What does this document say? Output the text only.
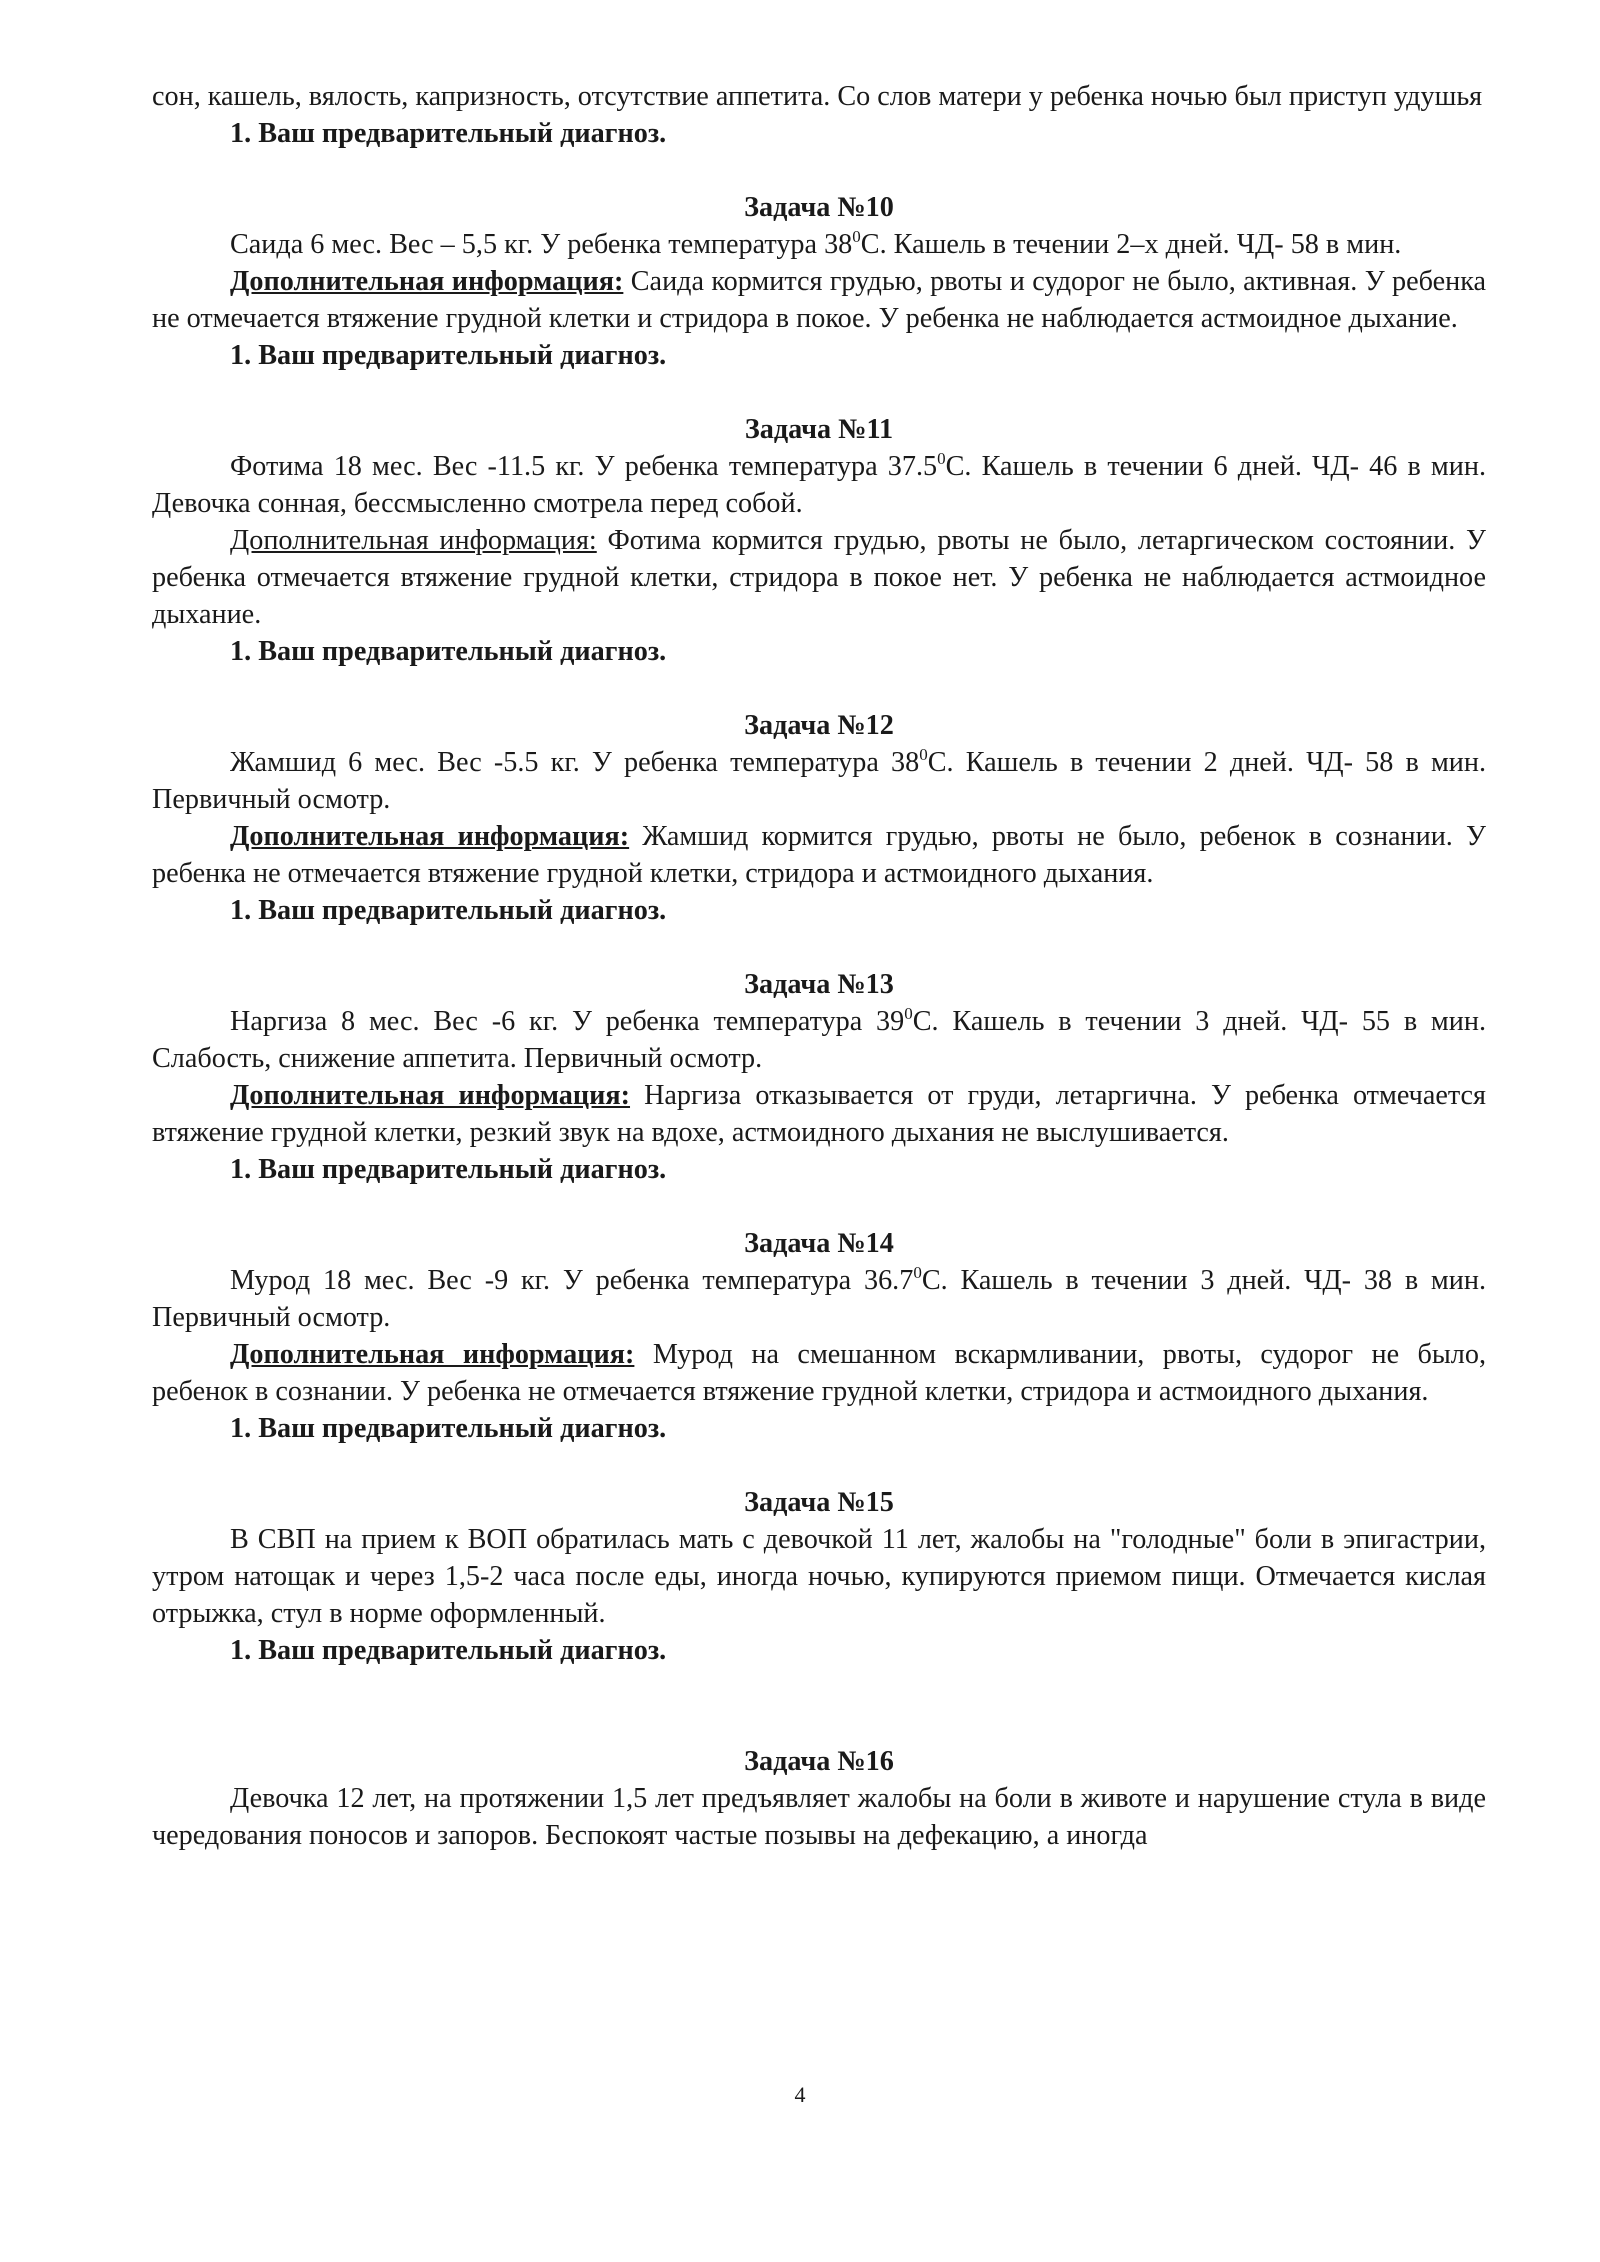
сон, кашель, вялость, капризность, отсутствие аппетита. Со слов матери у ребенка ночью был приступ удушья

1. Ваш предварительный диагноз.

Задача №10

Саида 6 мес. Вес – 5,5 кг. У ребенка температура $38^0С$. Кашель в течении 2–х дней. ЧД- 58 в мин.

Дополнительная информация: Саида кормится грудью, рвоты и судорог не было, активная. У ребенка не отмечается втяжение грудной клетки и стридора в покое. У ребенка не наблюдается астмоидное дыхание.

1. Ваш предварительный диагноз.

Задача №11

Фотима 18 мес. Вес -11.5 кг. У ребенка температура 37.5$^0$С. Кашель в течении 6 дней. ЧД- 46 в мин. Девочка сонная, бессмысленно смотрела перед собой.

Дополнительная информация: Фотима кормится грудью, рвоты не было, летаргическом состоянии. У ребенка отмечается втяжение грудной клетки, стридора в покое нет. У ребенка не наблюдается астмоидное дыхание.

1. Ваш предварительный диагноз.

Задача №12

Жамшид 6 мес. Вес -5.5 кг. У ребенка температура $38^0С$. Кашель в течении 2 дней. ЧД- 58 в мин. Первичный осмотр.

Дополнительная информация: Жамшид кормится грудью, рвоты не было, ребенок в сознании. У ребенка не отмечается втяжение грудной клетки, стридора и астмоидного дыхания.

1. Ваш предварительный диагноз.

Задача №13

Наргиза 8 мес. Вес -6 кг. У ребенка температура $39^0С$. Кашель в течении 3 дней. ЧД- 55 в мин. Слабость, снижение аппетита. Первичный осмотр.

Дополнительная информация: Наргиза отказывается от груди, летаргична. У ребенка отмечается втяжение грудной клетки, резкий звук на вдохе, астмоидного дыхания не выслушивается.

1. Ваш предварительный диагноз.

Задача №14

Мурод 18 мес. Вес -9 кг. У ребенка температура 36.7$^0$С. Кашель в течении 3 дней. ЧД- 38 в мин. Первичный осмотр.

Дополнительная информация: Мурод на смешанном вскармливании, рвоты, судорог не было, ребенок в сознании. У ребенка не отмечается втяжение грудной клетки, стридора и астмоидного дыхания.

1. Ваш предварительный диагноз.

Задача №15

В СВП на прием к ВОП обратилась мать с девочкой 11 лет, жалобы на "голодные" боли в эпигастрии, утром натощак и через 1,5-2 часа после еды, иногда ночью, купируются приемом пищи. Отмечается кислая отрыжка, стул в норме оформленный.

1. Ваш предварительный диагноз.

Задача №16

Девочка 12 лет, на протяжении 1,5 лет предъявляет жалобы на боли в животе и нарушение стула в виде чередования поносов и запоров. Беспокоят частые позывы на дефекацию, а иногда

4
